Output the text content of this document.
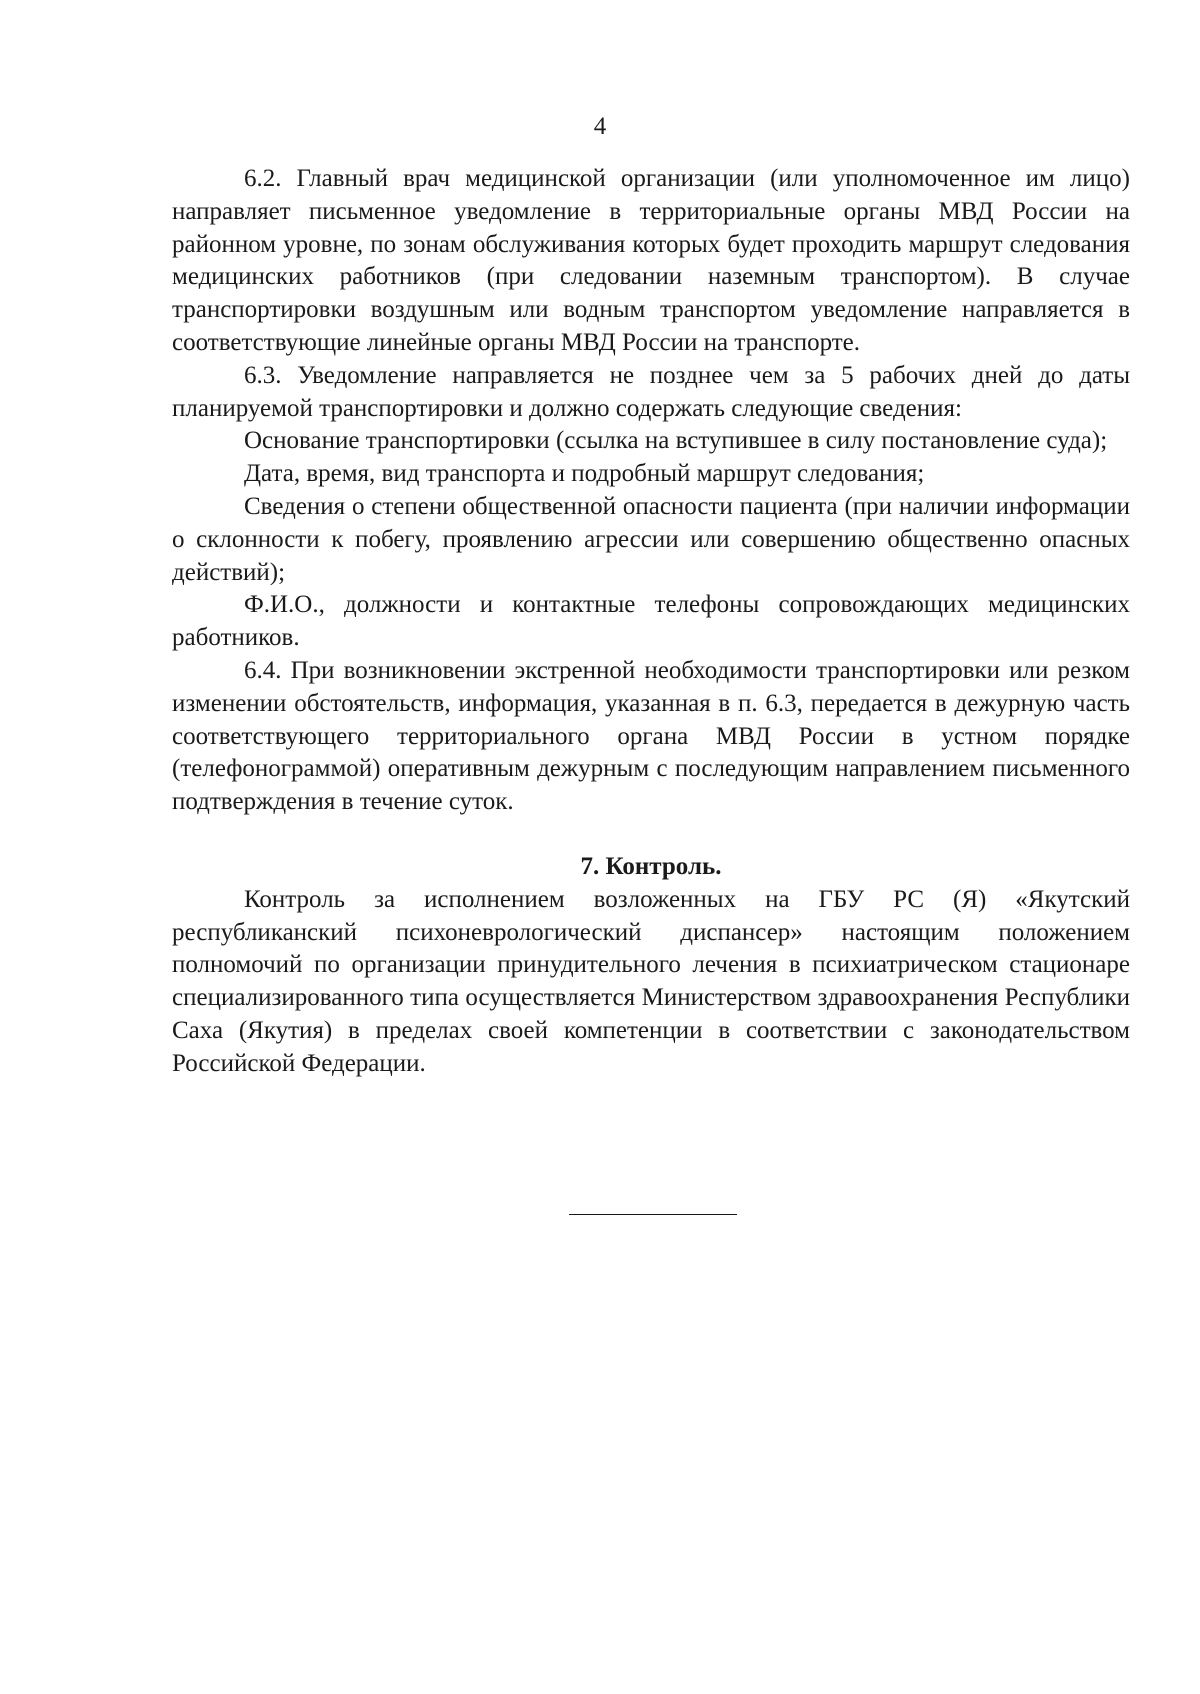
4

6.2. Главный врач медицинской организации (или уполномоченное им лицо) направляет письменное уведомление в территориальные органы МВД России на районном уровне, по зонам обслуживания которых будет проходить маршрут следования медицинских работников (при следовании наземным транспортом). В случае транспортировки воздушным или водным транспортом уведомление направляется в соответствующие линейные органы МВД России на транспорте.

6.3. Уведомление направляется не позднее чем за 5 рабочих дней до даты планируемой транспортировки и должно содержать следующие сведения:

Основание транспортировки (ссылка на вступившее в силу постановление суда);

Дата, время, вид транспорта и подробный маршрут следования;

Сведения о степени общественной опасности пациента (при наличии информации о склонности к побегу, проявлению агрессии или совершению общественно опасных действий);

Ф.И.О., должности и контактные телефоны сопровождающих медицинских работников.

6.4. При возникновении экстренной необходимости транспортировки или резком изменении обстоятельств, информация, указанная в п. 6.3, передается в дежурную часть соответствующего территориального органа МВД России в устном порядке (телефонограммой) оперативным дежурным с последующим направлением письменного подтверждения в течение суток.

7. Контроль.

Контроль за исполнением возложенных на ГБУ РС (Я) «Якутский республиканский психоневрологический диспансер» настоящим положением полномочий по организации принудительного лечения в психиатрическом стационаре специализированного типа осуществляется Министерством здравоохранения Республики Саха (Якутия) в пределах своей компетенции в соответствии с законодательством Российской Федерации.
